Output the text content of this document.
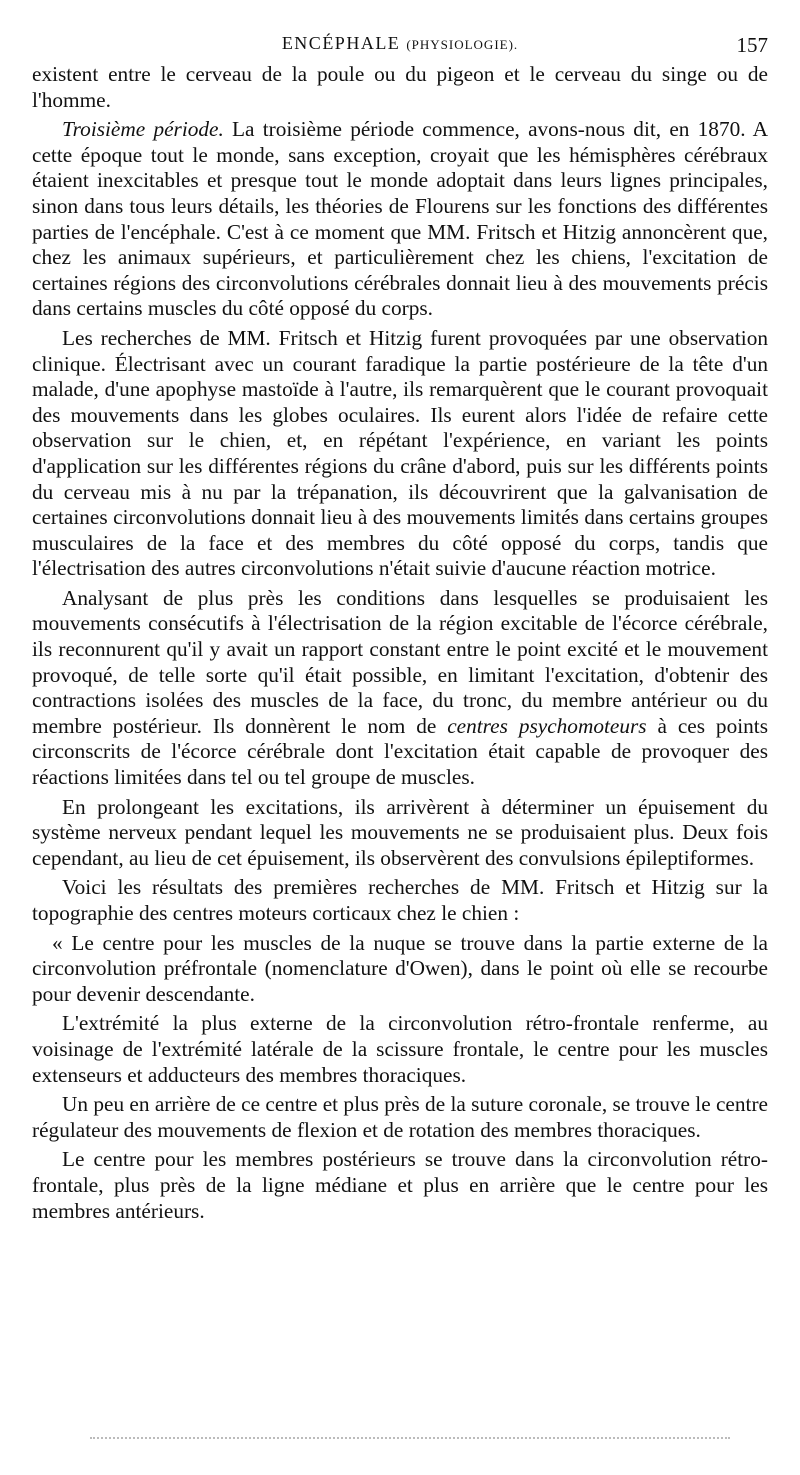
ENCÉPHALE (PHYSIOLOGIE).	157

existent entre le cerveau de la poule ou du pigeon et le cerveau du singe ou de l'homme.

Troisième période. La troisième période commence, avons-nous dit, en 1870. A cette époque tout le monde, sans exception, croyait que les hémisphères cérébraux étaient inexcitables et presque tout le monde adoptait dans leurs lignes principales, sinon dans tous leurs détails, les théories de Flourens sur les fonctions des différentes parties de l'encéphale. C'est à ce moment que MM. Fritsch et Hitzig annoncèrent que, chez les animaux supérieurs, et particulièrement chez les chiens, l'excitation de certaines régions des circonvolutions cérébrales donnait lieu à des mouvements précis dans certains muscles du côté opposé du corps.

Les recherches de MM. Fritsch et Hitzig furent provoquées par une observation clinique. Électrisant avec un courant faradique la partie postérieure de la tête d'un malade, d'une apophyse mastoïde à l'autre, ils remarquèrent que le courant provoquait des mouvements dans les globes oculaires. Ils eurent alors l'idée de refaire cette observation sur le chien, et, en répétant l'expérience, en variant les points d'application sur les différentes régions du crâne d'abord, puis sur les différents points du cerveau mis à nu par la trépanation, ils découvrirent que la galvanisation de certaines circonvolutions donnait lieu à des mouvements limités dans certains groupes musculaires de la face et des membres du côté opposé du corps, tandis que l'électrisation des autres circonvolutions n'était suivie d'aucune réaction motrice.

Analysant de plus près les conditions dans lesquelles se produisaient les mouvements consécutifs à l'électrisation de la région excitable de l'écorce cérébrale, ils reconnurent qu'il y avait un rapport constant entre le point excité et le mouvement provoqué, de telle sorte qu'il était possible, en limitant l'excitation, d'obtenir des contractions isolées des muscles de la face, du tronc, du membre antérieur ou du membre postérieur. Ils donnèrent le nom de centres psychomoteurs à ces points circonscrits de l'écorce cérébrale dont l'excitation était capable de provoquer des réactions limitées dans tel ou tel groupe de muscles.

En prolongeant les excitations, ils arrivèrent à déterminer un épuisement du système nerveux pendant lequel les mouvements ne se produisaient plus. Deux fois cependant, au lieu de cet épuisement, ils observèrent des convulsions épileptiformes.

Voici les résultats des premières recherches de MM. Fritsch et Hitzig sur la topographie des centres moteurs corticaux chez le chien :

« Le centre pour les muscles de la nuque se trouve dans la partie externe de la circonvolution préfrontale (nomenclature d'Owen), dans le point où elle se recourbe pour devenir descendante.

L'extrémité la plus externe de la circonvolution rétro-frontale renferme, au voisinage de l'extrémité latérale de la scissure frontale, le centre pour les muscles extenseurs et adducteurs des membres thoraciques.

Un peu en arrière de ce centre et plus près de la suture coronale, se trouve le centre régulateur des mouvements de flexion et de rotation des membres thoraciques.

Le centre pour les membres postérieurs se trouve dans la circonvolution rétro-frontale, plus près de la ligne médiane et plus en arrière que le centre pour les membres antérieurs.
